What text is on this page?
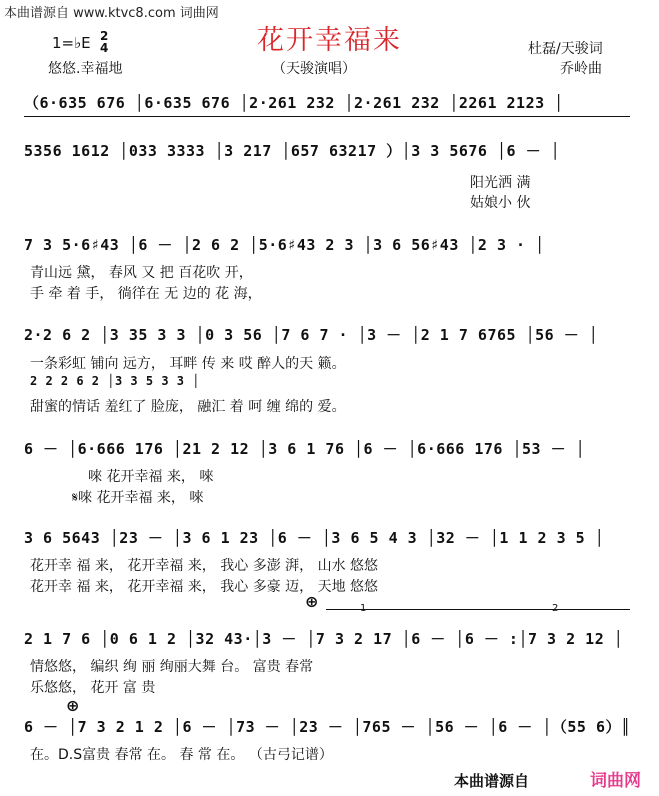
本曲谱源自 www.ktvc8.com 词曲网
花开幸福来
1=♭E 2
4	杜磊/天骏词
悠悠.幸福地	（天骏演唱）	乔岭曲
（6·635 676 │6·635 676 │2·261 232 │2·261 232 │2261 2123 │
5356 1612 │033 3333 │3 217 │657 63217 ）│3 3 5676 │6 － │
阳光洒 满
姑娘小 伙
7 3 5·6♯43 │6 － │2 6 2 │5·6♯43 2 3 │3 6 56♯43 │2 3 · │
青山远 黛， 春风 又 把 百花吹 开，
手 牵 着 手， 徜徉在 无 边的 花 海，
2·2 6 2 │3 35 3 3 │0 3 56 │7 6 7 · │3 － │2 1 7 6765 │56 － │
一条彩虹 铺向 远方， 耳畔 传 来 哎 醉人的天 籁。
2 2 2 6 2 │3 3 5 3 3 │
甜蜜的情话 羞红了 脸庞， 融汇 着 呵 缠 绵的 爱。
6 － │6·666 176 │21 2 12 │3 6 1 76 │6 － │6·666 176 │53 － │
唻 花开幸福 来， 唻
𝄋唻 花开幸福 来， 唻
3 6 5643 │23 － │3 6 1 23 │6 － │3 6 5 4 3 │32 － │1 1 2 3 5 │
花开幸 福 来， 花开幸福 来， 我心 多澎 湃， 山水 悠悠
花开幸 福 来， 花开幸福 来， 我心 多豪 迈， 天地 悠悠
⊕	1	2
2 1 7 6 │0 6 1 2 │32 43·│3 － │7 3 2 17 │6 － │6 － :│7 3 2 12 │
情悠悠， 编织 绚 丽 绚丽大舞 台。 富贵 春常
乐悠悠， 花开 富 贵
⊕
6 － │7 3 2 1 2 │6 － │73 － │23 － │765 － │56 － │6 － │（55 6）║
在。D.S富贵 春常 在。 春 常 在。 （古弓记谱）
本曲谱源自	词曲网
